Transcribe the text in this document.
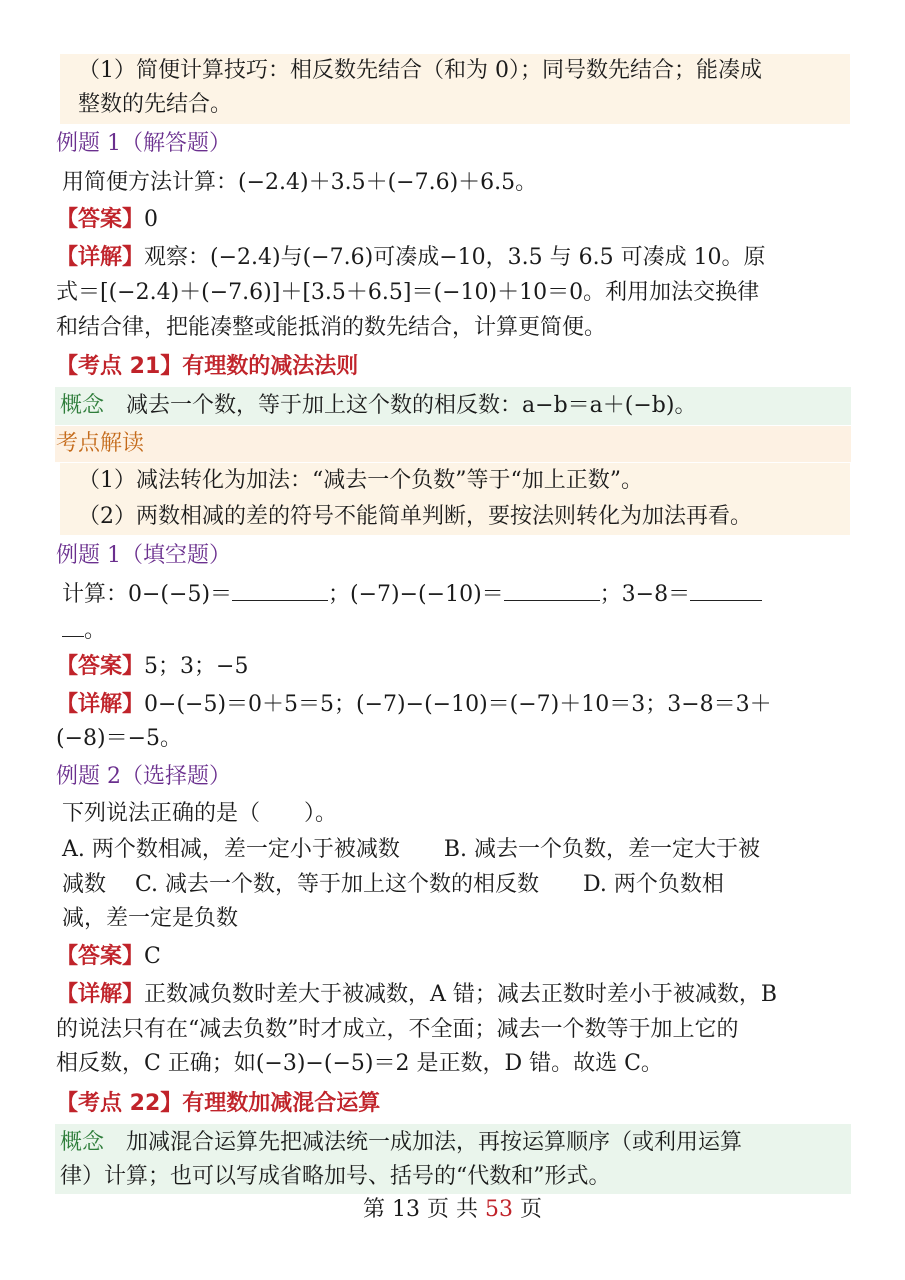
（1）简便计算技巧：相反数先结合（和为 0）；同号数先结合；能凑成
整数的先结合。
例题 1（解答题）
用简便方法计算：(−2.4)＋3.5＋(−7.6)＋6.5。
【答案】0
【详解】观察：(−2.4)与(−7.6)可凑成−10，3.5 与 6.5 可凑成 10。原
式＝[(−2.4)＋(−7.6)]＋[3.5＋6.5]＝(−10)＋10＝0。利用加法交换律
和结合律，把能凑整或能抵消的数先结合，计算更简便。
【考点 21】有理数的减法法则
概念 减去一个数，等于加上这个数的相反数：a−b＝a＋(−b)。
考点解读
（1）减法转化为加法：“减去一个负数”等于“加上正数”。
（2）两数相减的差的符号不能简单判断，要按法则转化为加法再看。
例题 1（填空题）
计算：0−(−5)＝	；(−7)−(−10)＝	；3−8＝
。
【答案】5；3；−5
【详解】0−(−5)＝0＋5＝5；(−7)−(−10)＝(−7)＋10＝3；3−8＝3＋
(−8)＝−5。
例题 2（选择题）
下列说法正确的是（　　）。
A. 两个数相减，差一定小于被减数　　B. 减去一个负数，差一定大于被
减数　 C. 减去一个数，等于加上这个数的相反数　　D. 两个负数相
减，差一定是负数
【答案】C
【详解】正数减负数时差大于被减数，A 错；减去正数时差小于被减数，B
的说法只有在“减去负数”时才成立，不全面；减去一个数等于加上它的
相反数，C 正确；如(−3)−(−5)＝2 是正数，D 错。故选 C。
【考点 22】有理数加减混合运算
概念 加减混合运算先把减法统一成加法，再按运算顺序（或利用运算
律）计算；也可以写成省略加号、括号的“代数和”形式。
第 13 页 共 53 页
